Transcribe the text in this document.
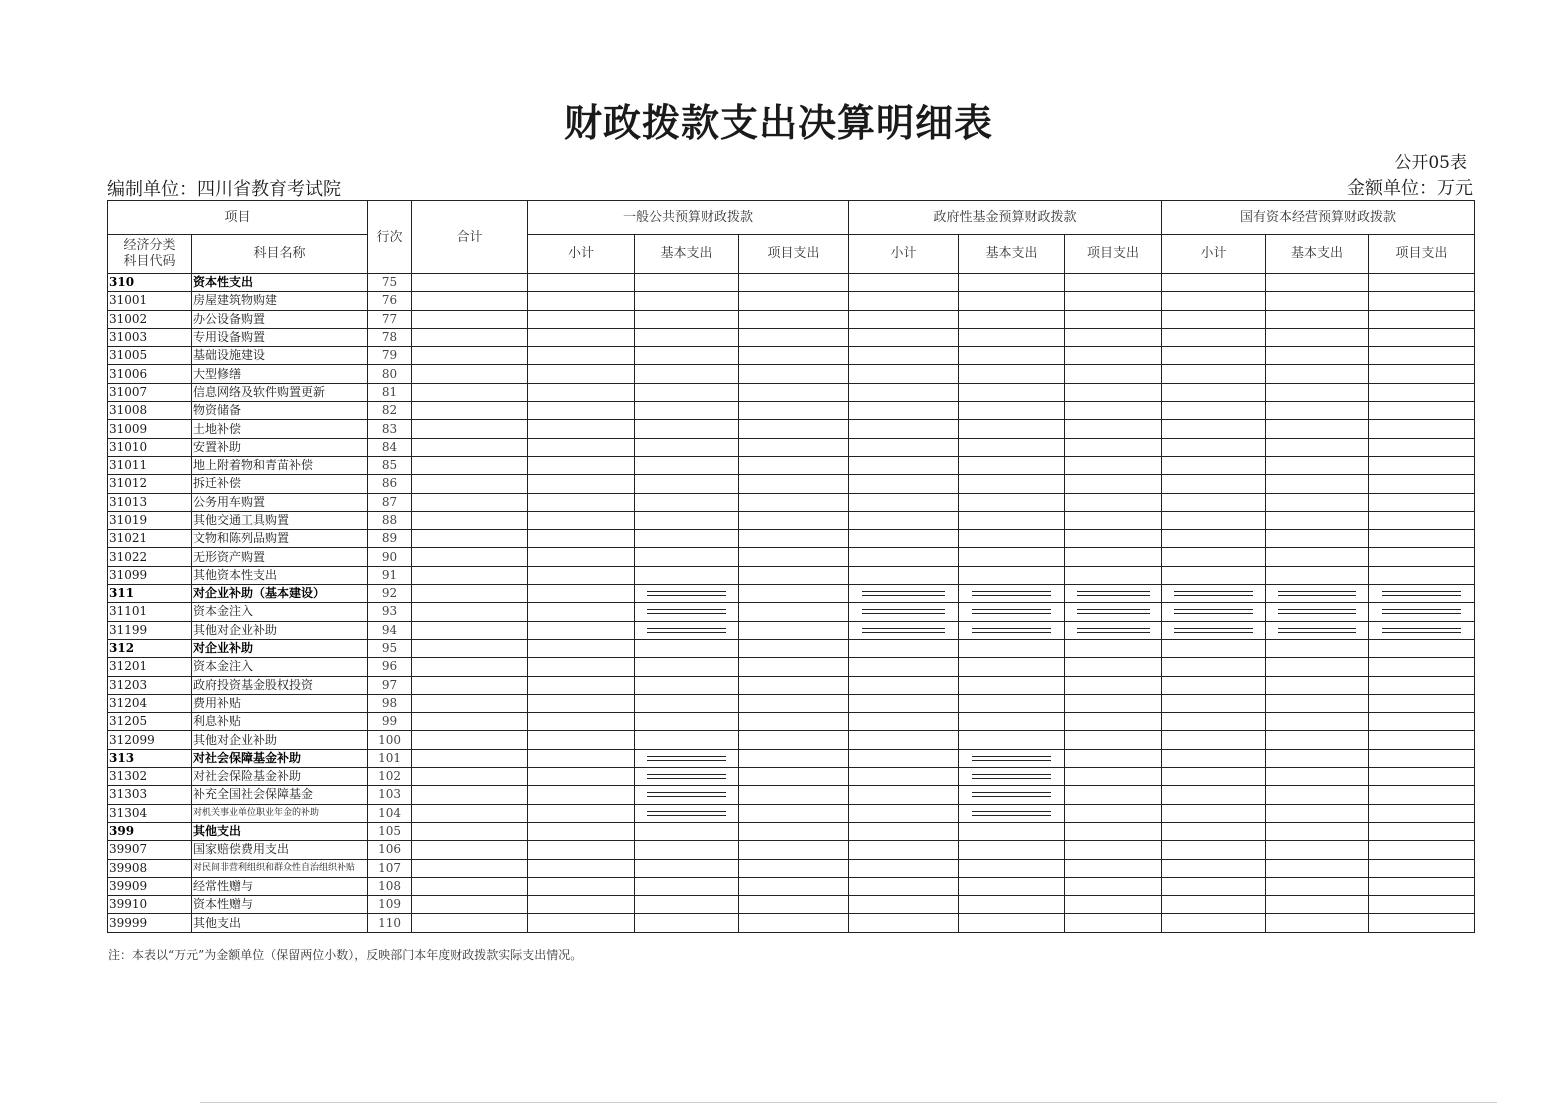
财政拨款支出决算明细表
公开05表
编制单位：四川省教育考试院	金额单位：万元
项目		行次	合计	一般公共预算财政拨款			政府性基金预算财政拨款			国有资本经营预算财政拨款		
经济分类
科目代码	科目名称			小计	基本支出	项目支出	小计	基本支出	项目支出	小计	基本支出	项目支出
310	资本性支出	75										
31001	房屋建筑物购建	76										
31002	办公设备购置	77										
31003	专用设备购置	78										
31005	基础设施建设	79										
31006	大型修缮	80										
31007	信息网络及软件购置更新	81										
31008	物资储备	82										
31009	土地补偿	83										
31010	安置补助	84										
31011	地上附着物和青苗补偿	85										
31012	拆迁补偿	86										
31013	公务用车购置	87										
31019	其他交通工具购置	88										
31021	文物和陈列品购置	89										
31022	无形资产购置	90										
31099	其他资本性支出	91										
311	对企业补助（基本建设）	92										
31101	资本金注入	93										
31199	其他对企业补助	94										
312	对企业补助	95										
31201	资本金注入	96										
31203	政府投资基金股权投资	97										
31204	费用补贴	98										
31205	利息补贴	99										
312099	其他对企业补助	100										
313	对社会保障基金补助	101										
31302	对社会保险基金补助	102										
31303	补充全国社会保障基金	103										
31304	对机关事业单位职业年金的补助	104										
399	其他支出	105										
39907	国家赔偿费用支出	106										
39908	对民间非营利组织和群众性自治组织补贴	107										
39909	经常性赠与	108										
39910	资本性赠与	109										
39999	其他支出	110										
注：本表以“万元”为金额单位（保留两位小数），反映部门本年度财政拨款实际支出情况。
